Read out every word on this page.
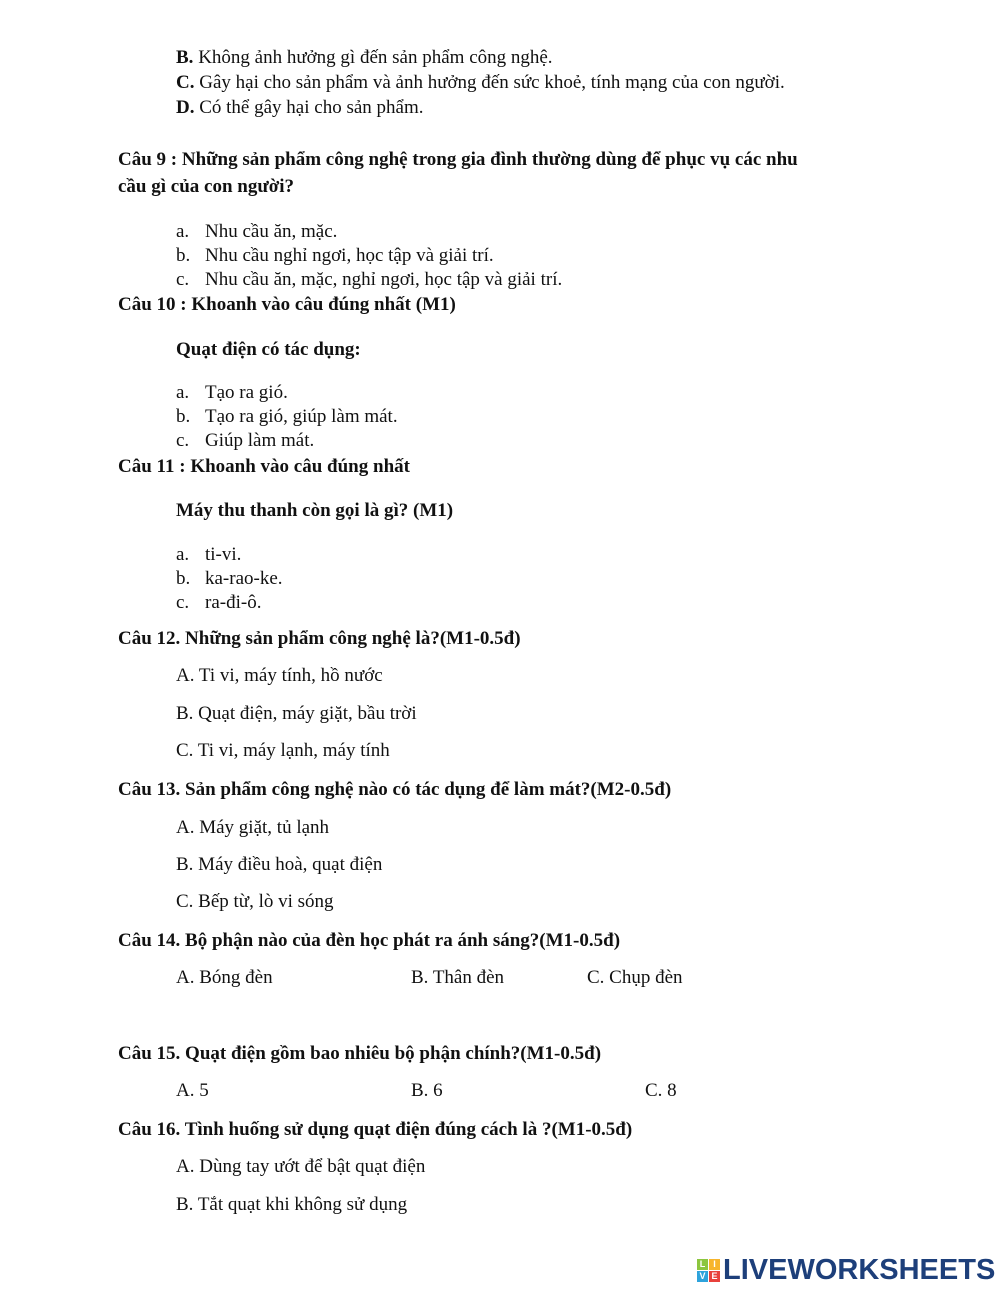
B. Không ảnh hưởng gì đến sản phẩm công nghệ.
C. Gây hại cho sản phẩm và ảnh hưởng đến sức khoẻ, tính mạng của con người.
D. Có thể gây hại cho sản phẩm.
Câu 9 : Những sản phẩm công nghệ trong gia đình thường dùng để phục vụ các nhu
cầu gì của con người?
a. Nhu cầu ăn, mặc.
b. Nhu cầu nghỉ ngơi, học tập và giải trí.
c. Nhu cầu ăn, mặc, nghỉ ngơi, học tập và giải trí.
Câu 10 : Khoanh vào câu đúng nhất (M1)
Quạt điện có tác dụng:
a. Tạo ra gió.
b. Tạo ra gió, giúp làm mát.
c. Giúp làm mát.
Câu 11 : Khoanh vào câu đúng nhất
Máy thu thanh còn gọi là gì? (M1)
a. ti-vi.
b. ka-rao-ke.
c. ra-đi-ô.
Câu 12. Những sản phẩm công nghệ là?(M1-0.5đ)
A. Ti vi, máy tính, hồ nước
B. Quạt điện, máy giặt, bầu trời
C. Ti vi, máy lạnh, máy tính
Câu 13. Sản phẩm công nghệ nào có tác dụng để làm mát?(M2-0.5đ)
A. Máy giặt, tủ lạnh
B. Máy điều hoà, quạt điện
C. Bếp từ, lò vi sóng
Câu 14. Bộ phận nào của đèn học phát ra ánh sáng?(M1-0.5đ)
A. Bóng đèn	B. Thân đèn	C. Chụp đèn
Câu 15. Quạt điện gồm bao nhiêu bộ phận chính?(M1-0.5đ)
A. 5	B. 6	C. 8
Câu 16. Tình huống sử dụng quạt điện đúng cách là ?(M1-0.5đ)
A. Dùng tay ướt để bật quạt điện
B. Tắt quạt khi không sử dụng
L I
V E LIVEWORKSHEETS
